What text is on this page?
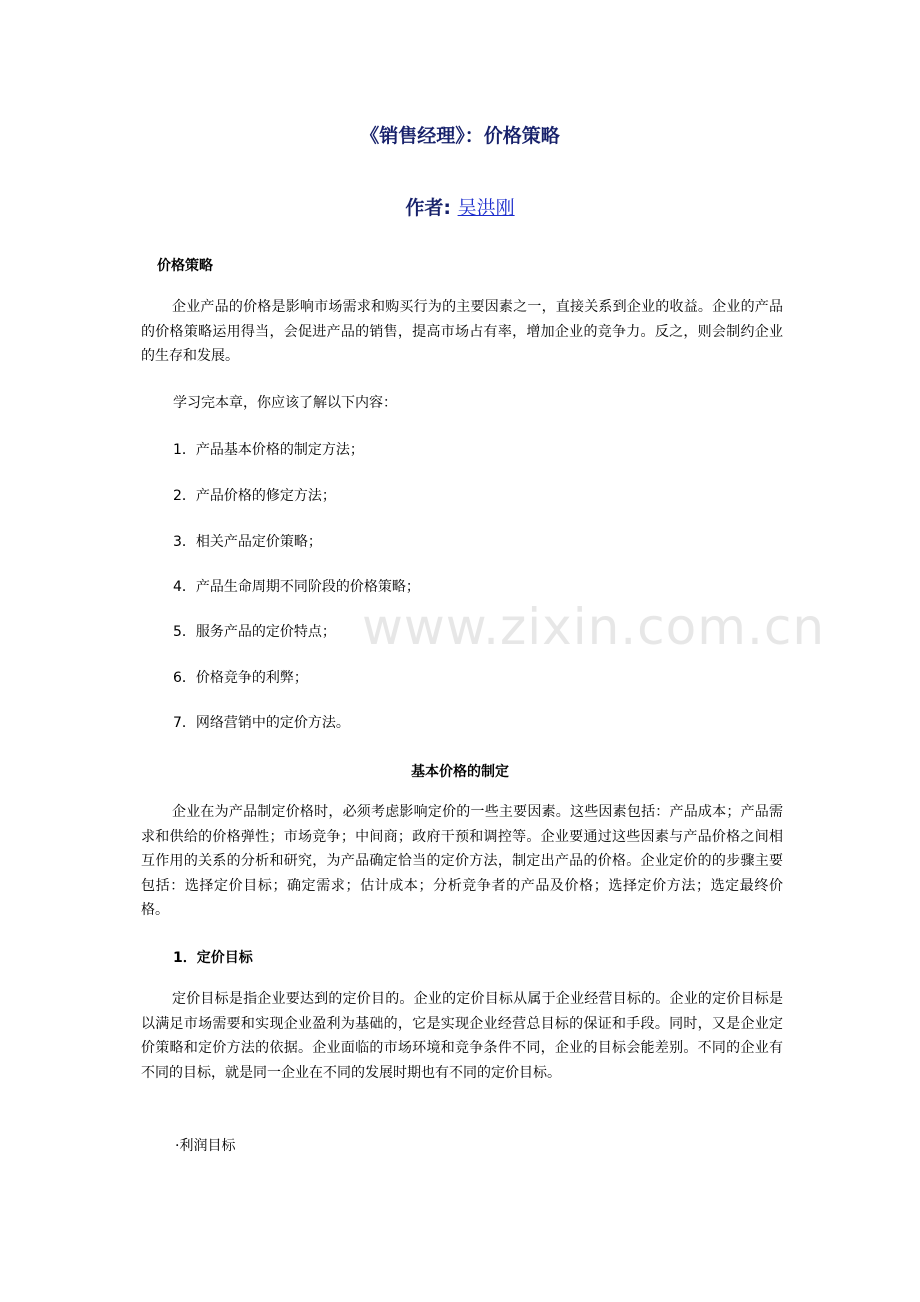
《销售经理》：价格策略
作者: 吴洪刚
价格策略

企业产品的价格是影响市场需求和购买行为的主要因素之一，直接关系到企业的收益。企业的产品的价格策略运用得当，会促进产品的销售，提高市场占有率，增加企业的竞争力。反之，则会制约企业的生存和发展。

学习完本章，你应该了解以下内容：

1．产品基本价格的制定方法；

2．产品价格的修定方法；

3．相关产品定价策略；

4．产品生命周期不同阶段的价格策略；

5．服务产品的定价特点；

6．价格竞争的利弊；

7．网络营销中的定价方法。

基本价格的制定

企业在为产品制定价格时，必须考虑影响定价的一些主要因素。这些因素包括：产品成本；产品需求和供给的价格弹性；市场竞争；中间商；政府干预和调控等。企业要通过这些因素与产品价格之间相互作用的关系的分析和研究，为产品确定恰当的定价方法，制定出产品的价格。企业定价的的步骤主要包括：选择定价目标；确定需求；估计成本；分析竞争者的产品及价格；选择定价方法；选定最终价格。

1．定价目标

定价目标是指企业要达到的定价目的。企业的定价目标从属于企业经营目标的。企业的定价目标是以满足市场需要和实现企业盈利为基础的，它是实现企业经营总目标的保证和手段。同时，又是企业定价策略和定价方法的依据。企业面临的市场环境和竞争条件不同，企业的目标会能差别。不同的企业有不同的目标，就是同一企业在不同的发展时期也有不同的定价目标。

·利润目标
www.zixin.com.cn
